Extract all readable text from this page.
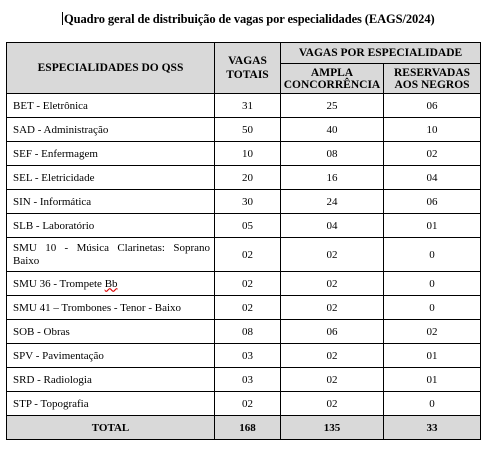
Quadro geral de distribuição de vagas por especialidades (EAGS/2024)
ESPECIALIDADES DO QSS	VAGAS TOTAIS	VAGAS POR ESPECIALIDADE	
		AMPLA CONCORRÊNCIA	RESERVADAS AOS NEGROS
BET - Eletrônica	31	25	06
SAD - Administração	50	40	10
SEF - Enfermagem	10	08	02
SEL - Eletricidade	20	16	04
SIN - Informática	30	24	06
SLB - Laboratório	05	04	01
SMU 10 - Música Clarinetas: Soprano Baixo	02	02	0
SMU 36 - Trompete Bb	02	02	0
SMU 41 – Trombones - Tenor - Baixo	02	02	0
SOB - Obras	08	06	02
SPV - Pavimentação	03	02	01
SRD - Radiologia	03	02	01
STP - Topografia	02	02	0
TOTAL	168	135	33
